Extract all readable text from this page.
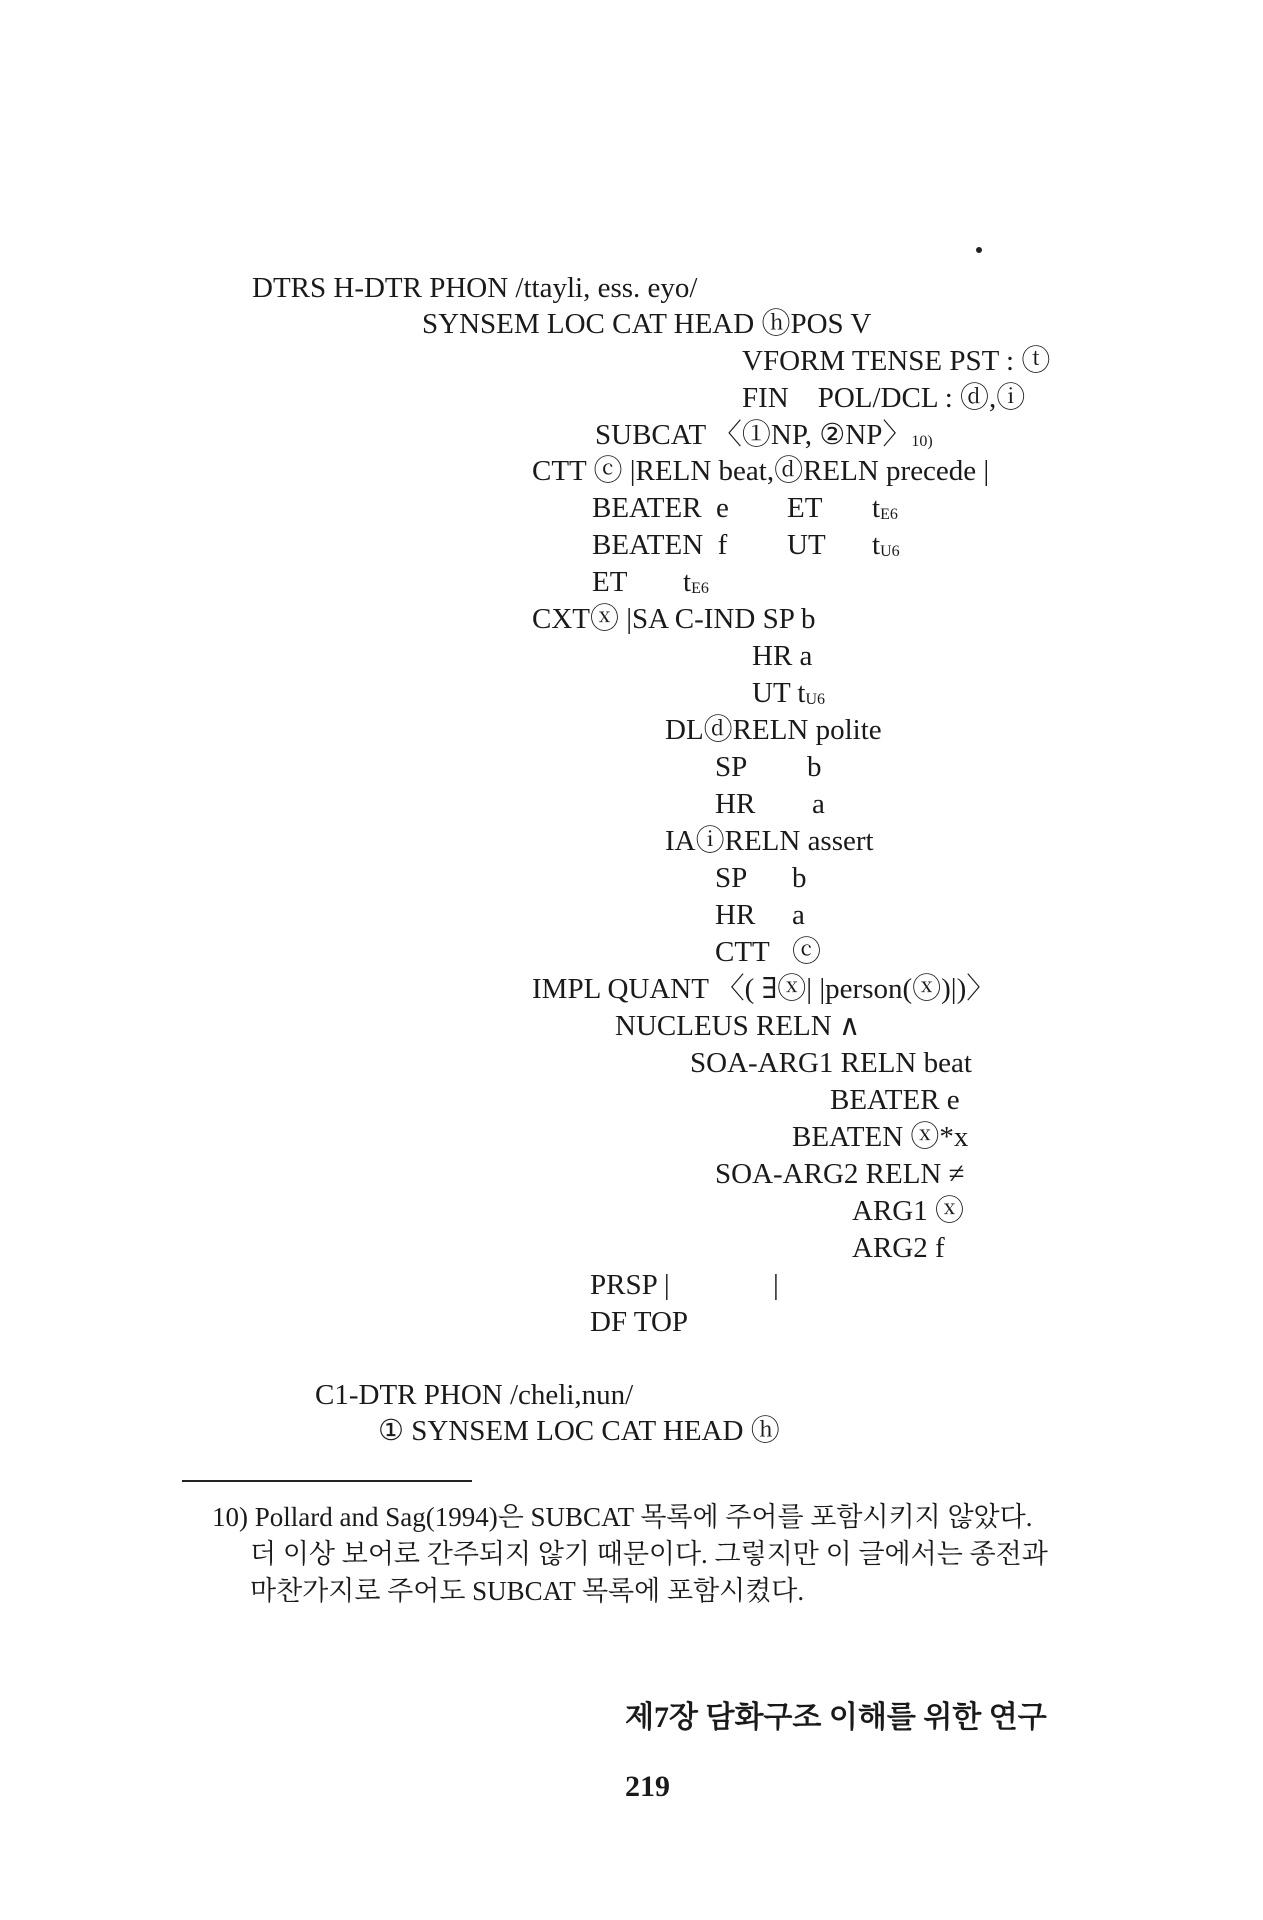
DTRS H-DTR PHON /ttayli, ess. eyo/
SYNSEM LOC CAT HEAD ⓗPOS V
VFORM TENSE PST : ⓣ
FIN    POL/DCL : ⓓ,ⓘ
SUBCAT 〈①NP, ②NP〉$^{10)}$
CTT ⓒ |RELN beat,ⓓRELN precede |
BEATER  e ET tE6
BEATEN  f UT tU6
ET tE6
CXTⓧ |SA C-IND SP b
HR a
UT tU6
DLⓓRELN polite
SP b
HR a
IAⓘRELN assert
SP b
HR a
CTT ⓒ
IMPL QUANT 〈( ∃ⓧ| |person(ⓧ)|)〉
NUCLEUS RELN ∧
SOA-ARG1 RELN beat
BEATER e
BEATEN ⓧ*x
SOA-ARG2 RELN ≠
ARG1 ⓧ
ARG2 f
PRSP |	|
DF TOP
C1-DTR PHON /cheli,nun/
① SYNSEM LOC CAT HEAD ⓗ
10) Pollard and Sag(1994)은 SUBCAT 목록에 주어를 포함시키지 않았다.
더 이상 보어로 간주되지 않기 때문이다. 그렇지만 이 글에서는 종전과
마찬가지로 주어도 SUBCAT 목록에 포함시켰다.

제7장 담화구조 이해를 위한 연구

219
